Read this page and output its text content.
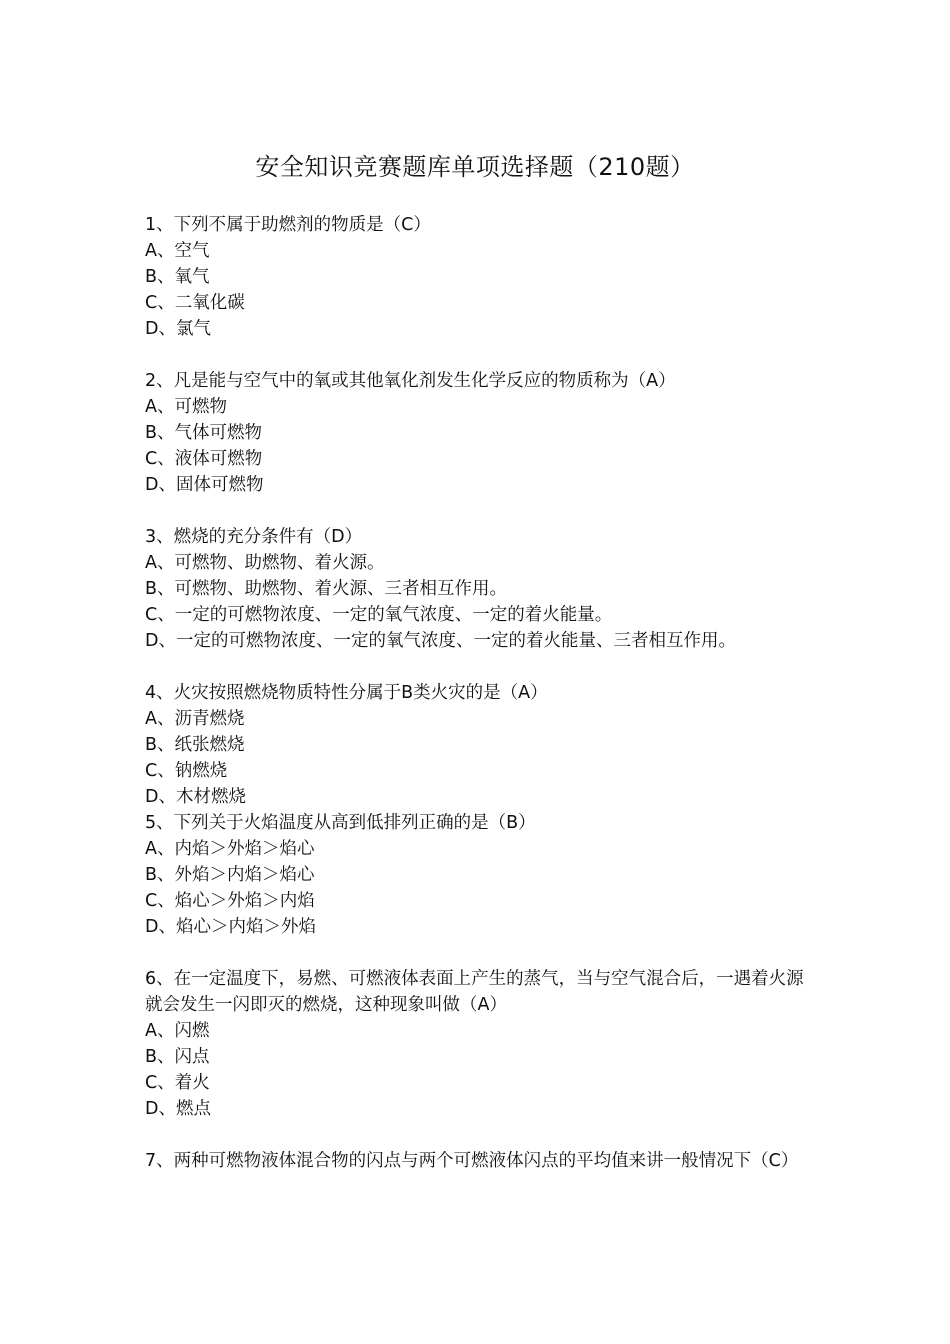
安全知识竞赛题库单项选择题（210题）
1、下列不属于助燃剂的物质是（C）
A、空气
B、氧气
C、二氧化碳
D、氯气
2、凡是能与空气中的氧或其他氧化剂发生化学反应的物质称为（A）
A、可燃物
B、气体可燃物
C、液体可燃物
D、固体可燃物
3、燃烧的充分条件有（D）
A、可燃物、助燃物、着火源。
B、可燃物、助燃物、着火源、三者相互作用。
C、一定的可燃物浓度、一定的氧气浓度、一定的着火能量。
D、一定的可燃物浓度、一定的氧气浓度、一定的着火能量、三者相互作用。
4、火灾按照燃烧物质特性分属于B类火灾的是（A）
A、沥青燃烧
B、纸张燃烧
C、钠燃烧
D、木材燃烧
5、下列关于火焰温度从高到低排列正确的是（B）
A、内焰＞外焰＞焰心
B、外焰＞内焰＞焰心
C、焰心＞外焰＞内焰
D、焰心＞内焰＞外焰
6、在一定温度下，易燃、可燃液体表面上产生的蒸气，当与空气混合后，一遇着火源就会发生一闪即灭的燃烧，这种现象叫做（A）
A、闪燃
B、闪点
C、着火
D、燃点
7、两种可燃物液体混合物的闪点与两个可燃液体闪点的平均值来讲一般情况下（C）
